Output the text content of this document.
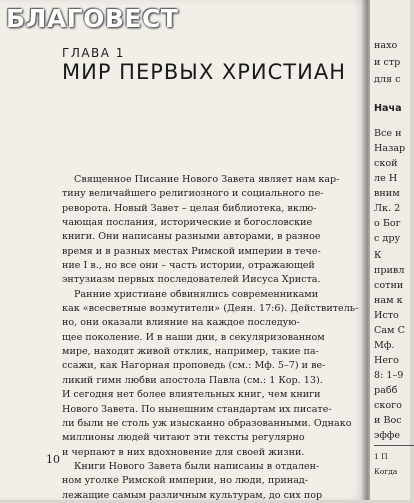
БЛАГОВЕСТ
ГЛАВА 1
МИР ПЕРВЫХ ХРИСТИАН
Священное Писание Нового Завета являет нам кар-
тину величайшего религиозного и социального пе-
реворота. Новый Завет – целая библиотека, вклю-
чающая послания, исторические и богословские
книги. Они написаны разными авторами, в разное
время и в разных местах Римской империи в тече-
ние I в., но все они – часть истории, отражающей
энтузиазм первых последователей Иисуса Христа.
Ранние христиане обвинялись современниками
как «всесветные возмутители» (Деян. 17:6). Действитель-
но, они оказали влияние на каждое последую-
щее поколение. И в наши дни, в секуляризованном
мире, находят живой отклик, например, такие па-
ссажи, как Нагорная проповедь (см.: Мф. 5–7) и ве-
ликий гимн любви апостола Павла (см.: 1 Кор. 13).
И сегодня нет более влиятельных книг, чем книги
Нового Завета. По нынешним стандартам их писате-
ли были не столь уж изысканно образованными. Однако
миллионы людей читают эти тексты регулярно
и черпают в них вдохновение для своей жизни.
Книги Нового Завета были написаны в отдален-
ном уголке Римской империи, но люди, принад-
лежащие самым различным культурам, до сих пор
10
нахо
и стр
для с
Нача
Все н
Назар
ской
ле Н
вним
Лк. 2
о Бог
с дру
К
привл
сотни
нам к
Исто
Сам С
Мф.
Него
8: 1–9
рабб
ского
и Вос
эффе
1 П
Когда
